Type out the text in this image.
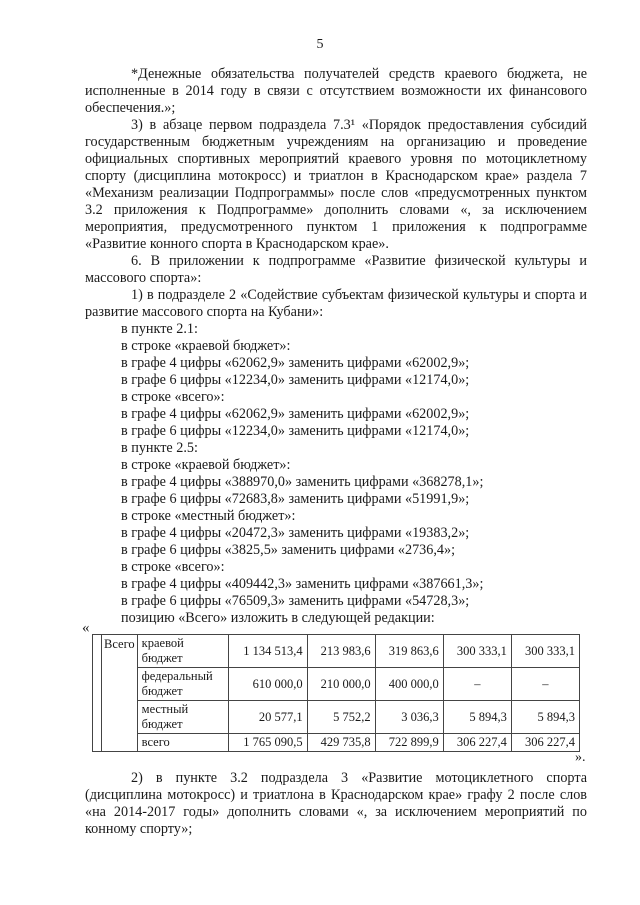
5

*Денежные обязательства получателей средств краевого бюджета, не исполненные в 2014 году в связи с отсутствием возможности их финансового обеспечения.»;

3) в абзаце первом подраздела 7.3¹ «Порядок предоставления субсидий государственным бюджетным учреждениям на организацию и проведение официальных спортивных мероприятий краевого уровня по мотоциклетному спорту (дисциплина мотокросс) и триатлон в Краснодарском крае» раздела 7 «Механизм реализации Подпрограммы» после слов «предусмотренных пунктом 3.2 приложения к Подпрограмме» дополнить словами «, за исключением мероприятия, предусмотренного пунктом 1 приложения к подпрограмме «Развитие конного спорта в Краснодарском крае».

6. В приложении к подпрограмме «Развитие физической культуры и массового спорта»:

1) в подразделе 2 «Содействие субъектам физической культуры и спорта и развитие массового спорта на Кубани»:

в пункте 2.1:
в строке «краевой бюджет»:
в графе 4 цифры «62062,9» заменить цифрами «62002,9»;
в графе 6 цифры «12234,0» заменить цифрами «12174,0»;
в строке «всего»:
в графе 4 цифры «62062,9» заменить цифрами «62002,9»;
в графе 6 цифры «12234,0» заменить цифрами «12174,0»;
в пункте 2.5:
в строке «краевой бюджет»:
в графе 4 цифры «388970,0» заменить цифрами «368278,1»;
в графе 6 цифры «72683,8» заменить цифрами «51991,9»;
в строке «местный бюджет»:
в графе 4 цифры «20472,3» заменить цифрами «19383,2»;
в графе 6 цифры «3825,5» заменить цифрами «2736,4»;
в строке «всего»:
в графе 4 цифры «409442,3» заменить цифрами «387661,3»;
в графе 6 цифры «76509,3» заменить цифрами «54728,3»;
позицию «Всего» изложить в следующей редакции:
«
	Всего	краевой бюджет	1 134 513,4	213 983,6	319 863,6	300 333,1	300 333,1
		федеральный бюджет	610 000,0	210 000,0	400 000,0	–	–
		местный бюджет	20 577,1	5 752,2	3 036,3	5 894,3	5 894,3
		всего	1 765 090,5	429 735,8	722 899,9	306 227,4	306 227,4
».

2) в пункте 3.2 подраздела 3 «Развитие мотоциклетного спорта (дисциплина мотокросс) и триатлона в Краснодарском крае» графу 2 после слов «на 2014-2017 годы» дополнить словами «, за исключением мероприятий по конному спорту»;
